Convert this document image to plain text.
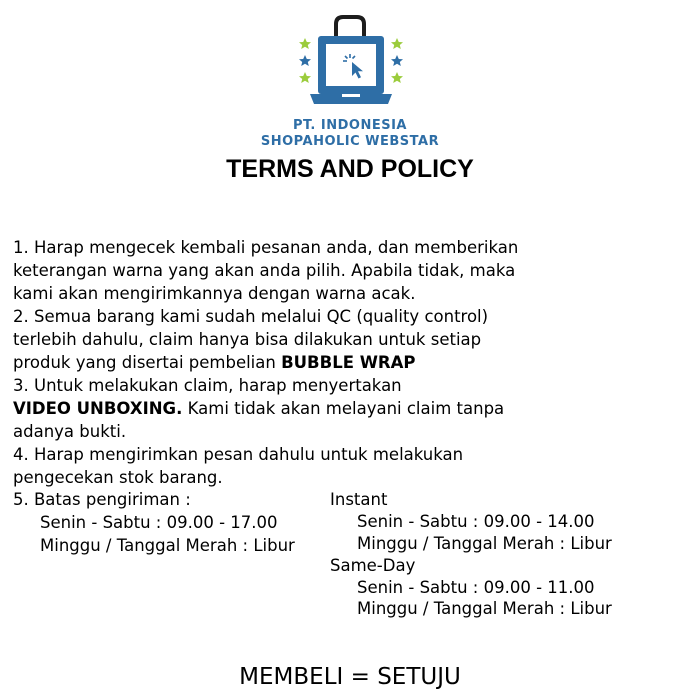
PT. INDONESIA
SHOPAHOLIC WEBSTAR
TERMS AND POLICY
1. Harap mengecek kembali pesanan anda, dan memberikan
keterangan warna yang akan anda pilih. Apabila tidak, maka
kami akan mengirimkannya dengan warna acak.
2. Semua barang kami sudah melalui QC (quality control)
terlebih dahulu, claim hanya bisa dilakukan untuk setiap
produk yang disertai pembelian BUBBLE WRAP
3. Untuk melakukan claim, harap menyertakan
VIDEO UNBOXING. Kami tidak akan melayani claim tanpa
adanya bukti.
4. Harap mengirimkan pesan dahulu untuk melakukan
pengecekan stok barang.
5. Batas pengiriman :
Senin - Sabtu : 09.00 - 17.00
Minggu / Tanggal Merah : Libur
Instant
Senin - Sabtu : 09.00 - 14.00
Minggu / Tanggal Merah : Libur
Same-Day
Senin - Sabtu : 09.00 - 11.00
Minggu / Tanggal Merah : Libur
MEMBELI = SETUJU
